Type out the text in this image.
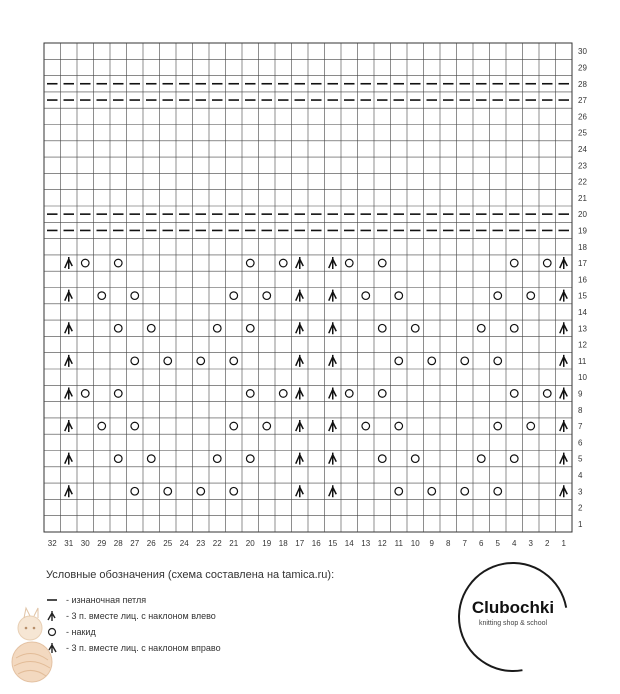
1
2
3
4
5
6
7
8
9
10
11
12
13
14
15
16
17
18
19
20
21
22
23
24
25
26
27
28
29
30
32 31 30 29 28 27 26 25 24 23 22 21 20 19 18 17 16 15 14 13 12 11 10 9 8 7 6 5 4 3 2 1
Условные обозначения (схема составлена на tamica.ru):
- изнаночная петля
- 3 п. вместе лиц. с наклоном влево
- накид
- 3 п. вместе лиц. с наклоном вправо
Clubochki
knitting shop & school
